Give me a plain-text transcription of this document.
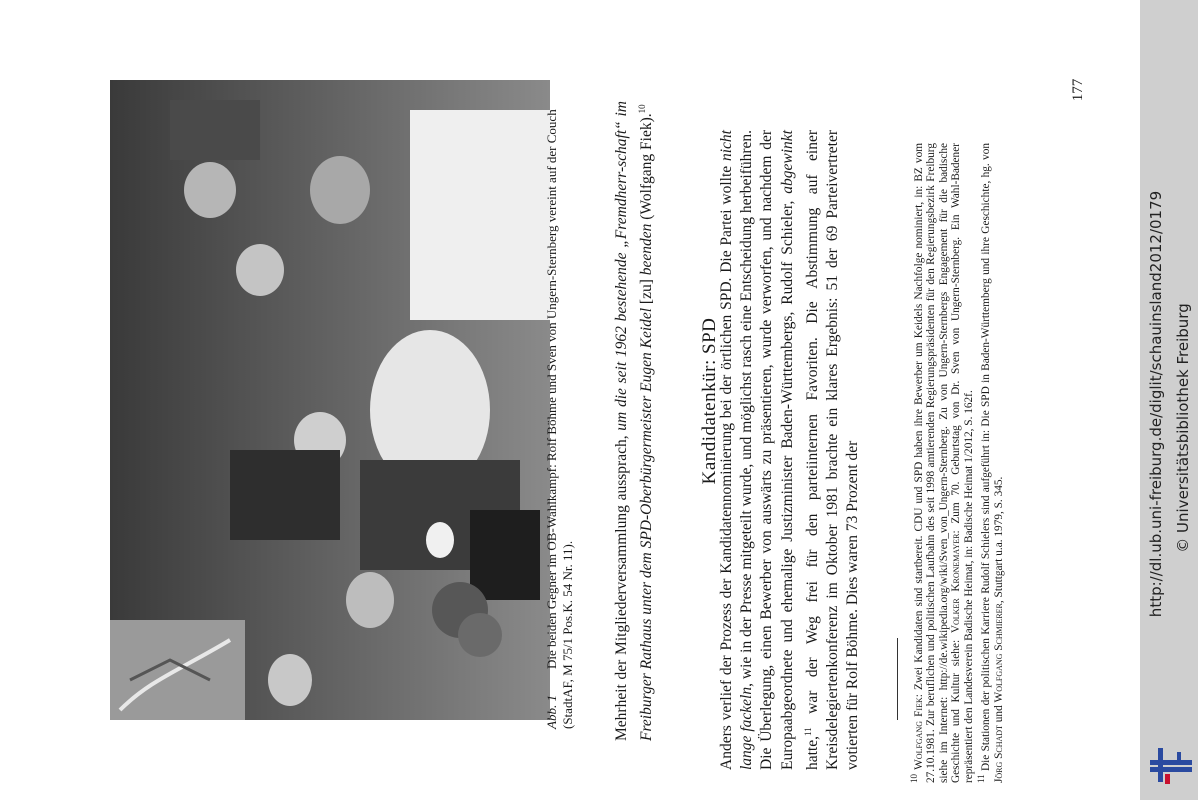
http://dl.ub.uni-freiburg.de/diglit/schauinsland2012/0179 © Universitätsbibliothek Freiburg
Abb. 1Die beiden Gegner im OB-Wahlkampf: Rolf Böhme und Sven von Ungern-Sternberg vereint auf der Couch (StadtAF, M 75/1 Pos.K. 54 Nr. 11).	Mehrheit der Mitgliederversammlung aussprach, um die seit 1962 bestehende „Fremdherr-schaft“ im Freiburger Rathaus unter dem SPD-Oberbürgermeister Eugen Keidel [zu] beenden (Wolfgang Fiek).$^{10}$
Kandidatenkür: SPD
Anders verlief der Prozess der Kandidatennominierung bei der örtlichen SPD. Die Partei wollte nicht lange fackeln, wie in der Presse mitgeteilt wurde, und möglichst rasch eine Entscheidung herbeiführen. Die Überlegung, einen Bewerber von auswärts zu präsentieren, wurde verworfen, und nachdem der Europaabgeordnete und ehemalige Justizminister Baden-Württembergs, Rudolf Schieler, abgewinkt hatte,$^{11}$ war der Weg frei für den parteiinternen Favoriten. Die Abstimmung auf einer Kreisdelegiertenkonferenz im Oktober 1981 brachte ein klares Ergebnis: 51 der 69 Parteivertreter votierten für Rolf Böhme. Dies waren 73 Prozent der

$^{10}$ Wolfgang Fiek: Zwei Kandidaten sind startbereit. CDU und SPD haben ihre Bewerber um Keidels Nachfolge nominiert, in: BZ vom 27.10.1981. Zur beruflichen und politischen Laufbahn des seit 1998 amtierenden Regierungspräsidenten für den Regierungsbezirk Freiburg siehe im Internet: http://de.wikipedia.org/wiki/Sven_von_Ungern-Sternberg. Zu von Ungern-Sternbergs Engagement für die badische Geschichte und Kultur siehe: Volker Kronemayer: Zum 70. Geburtstag von Dr. Sven von Ungern-Sternberg. Ein Wahl-Badener repräsentiert den Landesverein Badische Heimat, in: Badische Heimat 1/2012, S. 162f. $^{11}$ Die Stationen der politischen Karriere Rudolf Schielers sind aufgeführt in: Die SPD in Baden-Württemberg und ihre Geschichte, hg. von Jörg Schadt und Wolfgang Schmierer, Stuttgart u.a. 1979, S. 345.

177
